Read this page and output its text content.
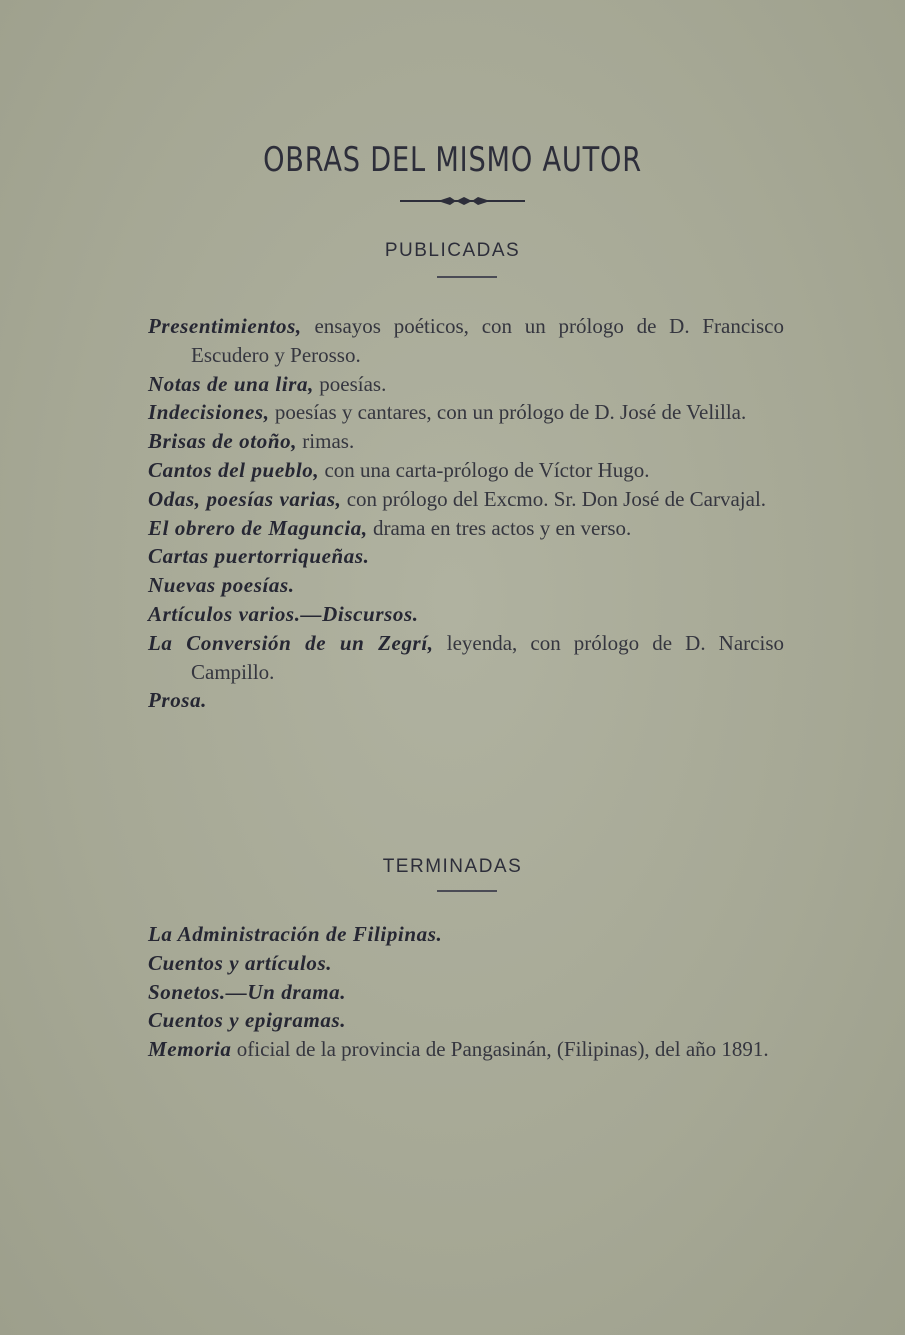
OBRAS DEL MISMO AUTOR
PUBLICADAS

Presentimientos, ensayos poéticos, con un prólogo de D. Francisco Escudero y Perosso.

Notas de una lira, poesías.

Indecisiones, poesías y cantares, con un prólogo de D. José de Velilla.

Brisas de otoño, rimas.

Cantos del pueblo, con una carta-prólogo de Víctor Hugo.

Odas, poesías varias, con prólogo del Excmo. Sr. Don José de Carvajal.

El obrero de Maguncia, drama en tres actos y en verso.

Cartas puertorriqueñas.

Nuevas poesías.

Artículos varios.—Discursos.

La Conversión de un Zegrí, leyenda, con prólogo de D. Narciso Campillo.

Prosa.

TERMINADAS

La Administración de Filipinas.

Cuentos y artículos.

Sonetos.—Un drama.

Cuentos y epigramas.

Memoria oficial de la provincia de Pangasinán, (Filipinas), del año 1891.
